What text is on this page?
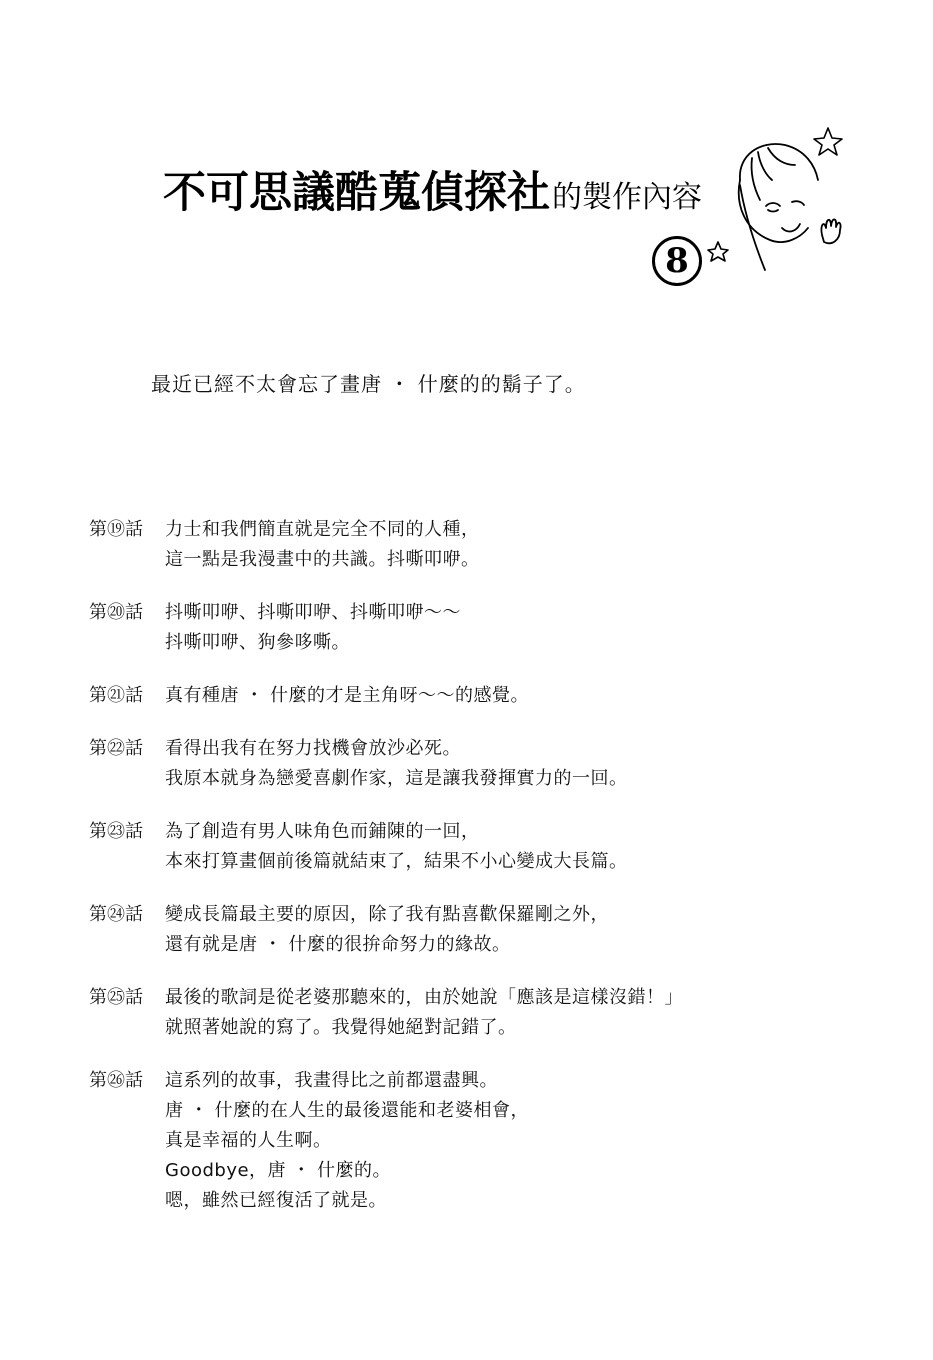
不可思議酷蒐偵探社的製作內容
8
最近已經不太會忘了畫唐 ・ 什麼的的鬍子了。
第⑲話	力士和我們簡直就是完全不同的人種，
這一點是我漫畫中的共識。抖嘶叩咿。
第⑳話	抖嘶叩咿、抖嘶叩咿、抖嘶叩咿～～
抖嘶叩咿、狗參哆嘶。
第㉑話	真有種唐 ・ 什麼的才是主角呀～～的感覺。
第㉒話	看得出我有在努力找機會放沙必死。
我原本就身為戀愛喜劇作家，這是讓我發揮實力的一回。
第㉓話	為了創造有男人味角色而鋪陳的一回，
本來打算畫個前後篇就結束了，結果不小心變成大長篇。
第㉔話	變成長篇最主要的原因，除了我有點喜歡保羅剛之外，
還有就是唐 ・ 什麼的很拚命努力的緣故。
第㉕話	最後的歌詞是從老婆那聽來的，由於她說「應該是這樣沒錯！」
就照著她說的寫了。我覺得她絕對記錯了。
第㉖話	這系列的故事，我畫得比之前都還盡興。
唐 ・ 什麼的在人生的最後還能和老婆相會，
真是幸福的人生啊。
Goodbye，唐 ・ 什麼的。
嗯，雖然已經復活了就是。
